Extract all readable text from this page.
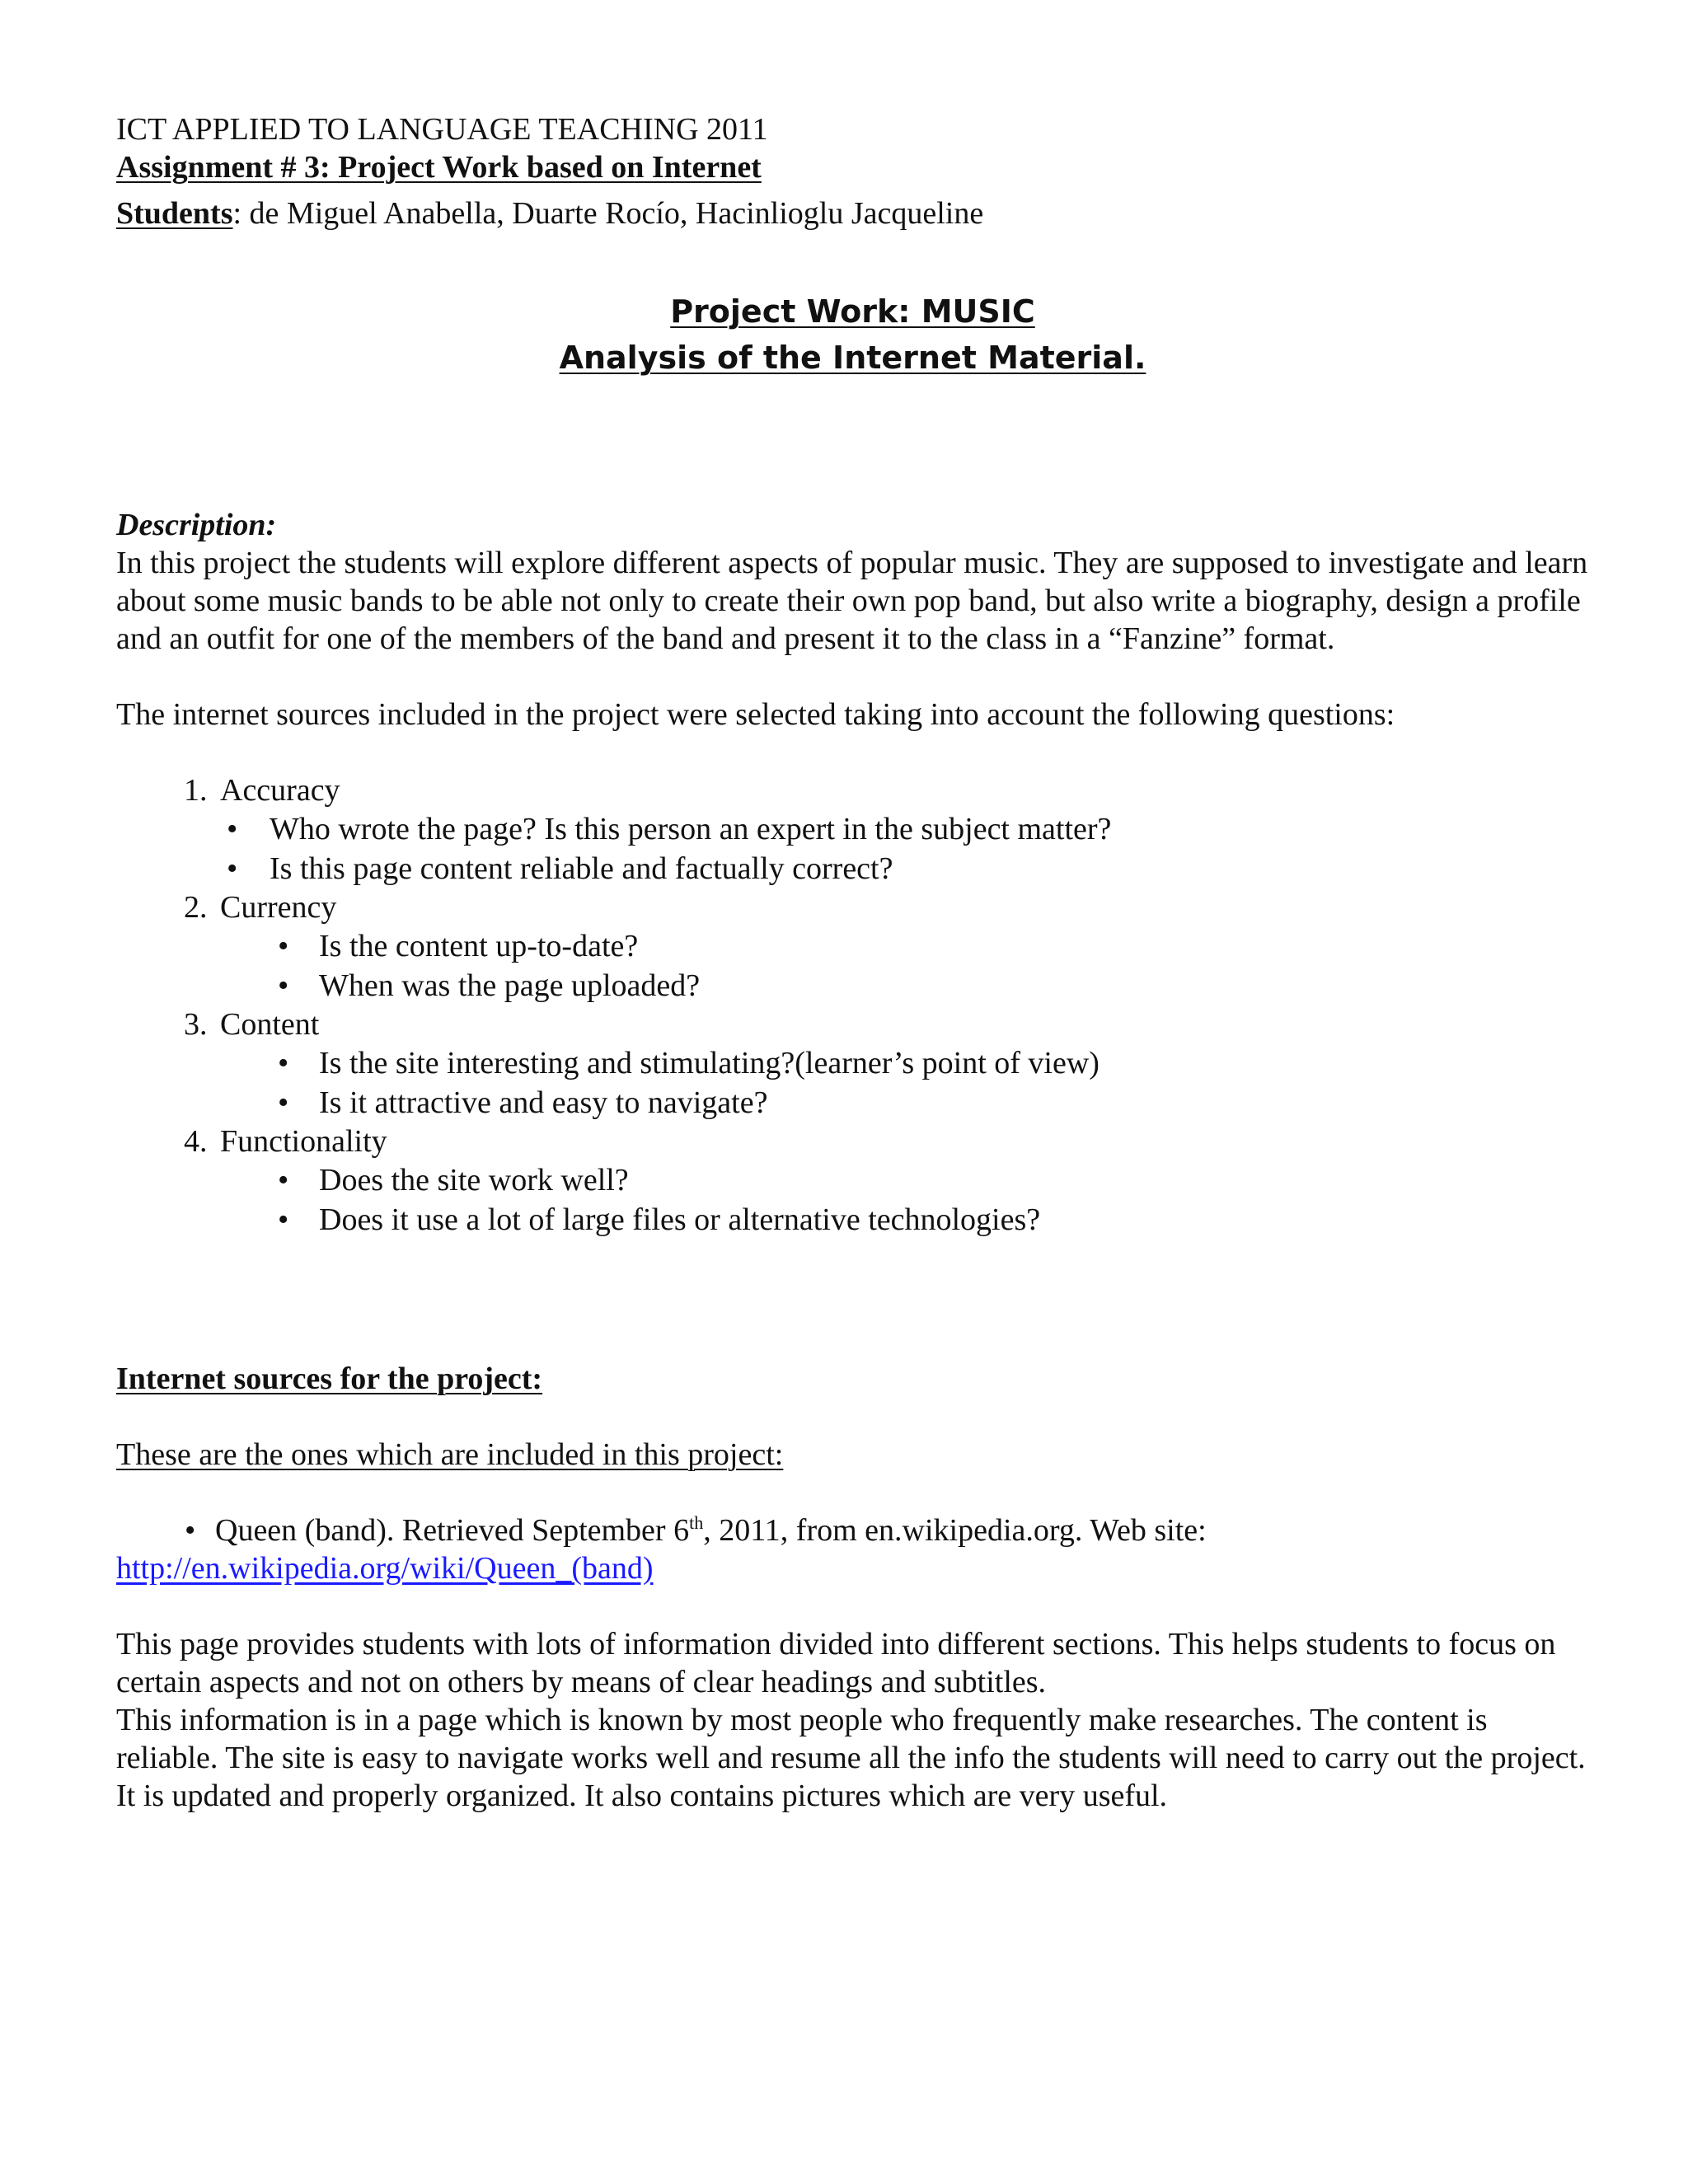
ICT APPLIED TO LANGUAGE TEACHING 2011

Assignment # 3: Project Work based on Internet

Students: de Miguel Anabella, Duarte Rocío, Hacinlioglu Jacqueline

Project Work: MUSIC

Analysis of the Internet Material.

Description:

In this project the students will explore different aspects of popular music. They are supposed to investigate and learn about some music bands to be able not only to create their own pop band, but also write a biography, design a profile and an outfit for one of the members of the band and present it to the class in a “Fanzine” format.

The internet sources included in the project were selected taking into account the following questions:

1. Accuracy
• Who wrote the page? Is this person an expert in the subject matter?
• Is this page content reliable and factually correct?
2. Currency
• Is the content up-to-date?
• When was the page uploaded?
3. Content
• Is the site interesting and stimulating?(learner’s point of view)
• Is it attractive and easy to navigate?
4. Functionality
• Does the site work well?
• Does it use a lot of large files or alternative technologies?

Internet sources for the project:

These are the ones which are included in this project:

• Queen (band). Retrieved September 6th, 2011, from en.wikipedia.org. Web site:

http://en.wikipedia.org/wiki/Queen_(band)

This page provides students with lots of information divided into different sections. This helps students to focus on certain aspects and not on others by means of clear headings and subtitles.

This information is in a page which is known by most people who frequently make researches. The content is reliable. The site is easy to navigate works well and resume all the info the students will need to carry out the project. It is updated and properly organized. It also contains pictures which are very useful.
